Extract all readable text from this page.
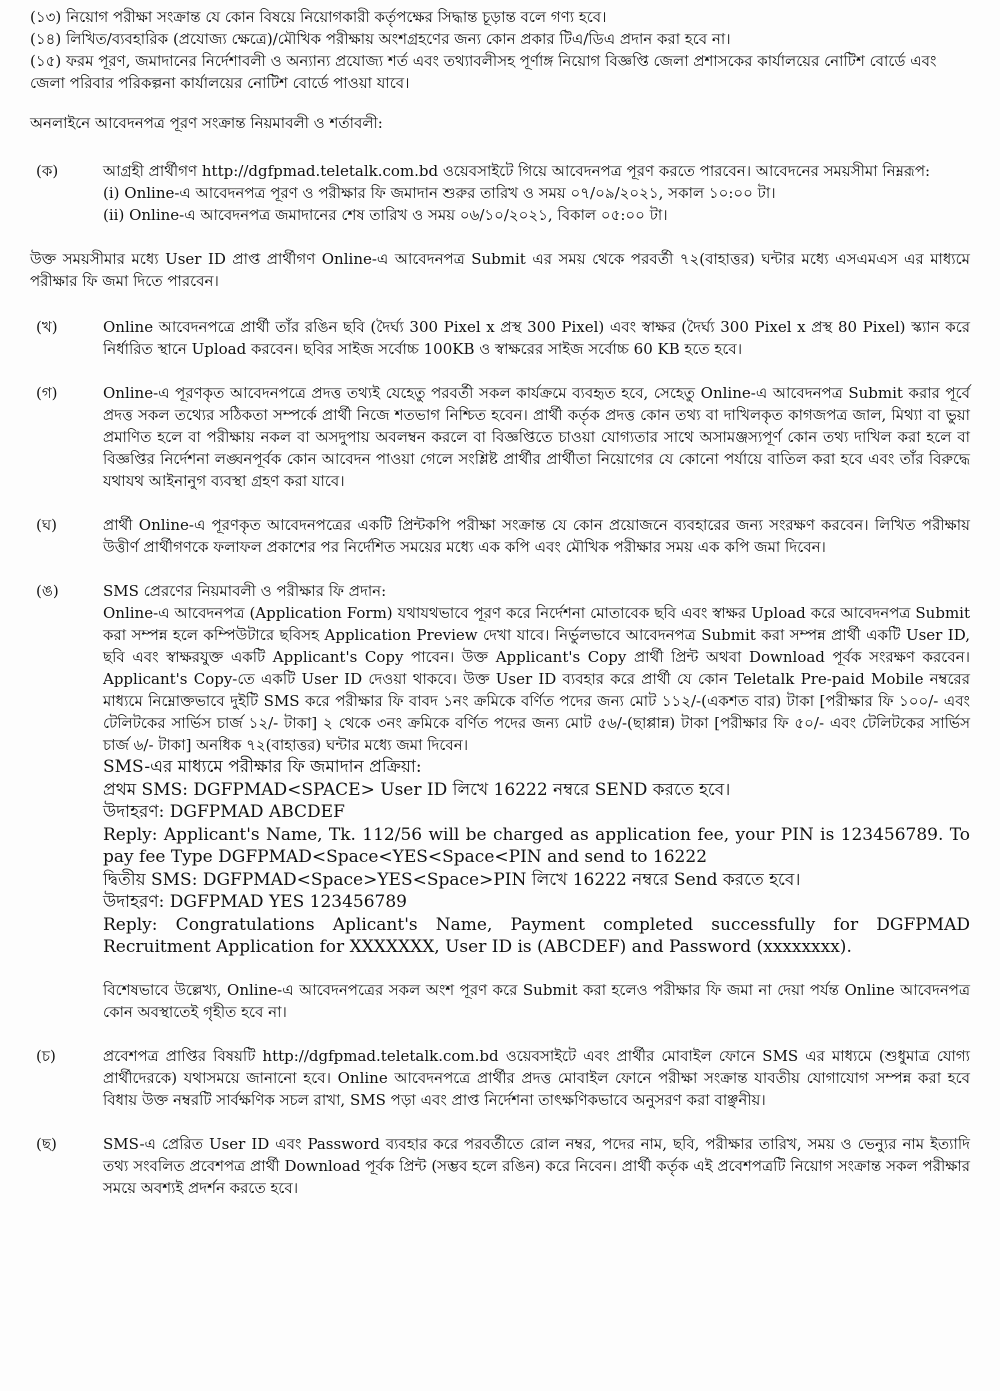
(১৩) নিয়োগ পরীক্ষা সংক্রান্ত যে কোন বিষয়ে নিয়োগকারী কর্তৃপক্ষের সিদ্ধান্ত চূড়ান্ত বলে গণ্য হবে।

(১৪) লিখিত/ব্যবহারিক (প্রযোজ্য ক্ষেত্রে)/মৌখিক পরীক্ষায় অংশগ্রহণের জন্য কোন প্রকার টিএ/ডিএ প্রদান করা হবে না।

(১৫) ফরম পূরণ, জমাদানের নির্দেশাবলী ও অন্যান্য প্রযোজ্য শর্ত এবং তথ্যাবলীসহ পূর্ণাঙ্গ নিয়োগ বিজ্ঞপ্তি জেলা প্রশাসকের কার্যালয়ের নোটিশ বোর্ডে এবং জেলা পরিবার পরিকল্পনা কার্যালয়ের নোটিশ বোর্ডে পাওয়া যাবে।

অনলাইনে আবেদনপত্র পূরণ সংক্রান্ত নিয়মাবলী ও শর্তাবলী:

(ক)	আগ্রহী প্রার্থীগণ http://dgfpmad.teletalk.com.bd ওয়েবসাইটে গিয়ে আবেদনপত্র পূরণ করতে পারবেন। আবেদনের সময়সীমা নিম্নরূপ:

(i) Online-এ আবেদনপত্র পূরণ ও পরীক্ষার ফি জমাদান শুরুর তারিখ ও সময় ০৭/০৯/২০২১, সকাল ১০:০০ টা।

(ii) Online-এ আবেদনপত্র জমাদানের শেষ তারিখ ও সময় ০৬/১০/২০২১, বিকাল ০৫:০০ টা।

উক্ত সময়সীমার মধ্যে User ID প্রাপ্ত প্রার্থীগণ Online-এ আবেদনপত্র Submit এর সময় থেকে পরবর্তী ৭২(বাহাত্তর) ঘন্টার মধ্যে এসএমএস এর মাধ্যমে পরীক্ষার ফি জমা দিতে পারবেন।

(খ)	Online আবেদনপত্রে প্রার্থী তাঁর রঙিন ছবি (দৈর্ঘ্য 300 Pixel x প্রস্থ 300 Pixel) এবং স্বাক্ষর (দৈর্ঘ্য 300 Pixel x প্রস্থ 80 Pixel) স্ক্যান করে নির্ধারিত স্থানে Upload করবেন। ছবির সাইজ সর্বোচ্চ 100KB ও স্বাক্ষরের সাইজ সর্বোচ্চ 60 KB হতে হবে।

(গ)	Online-এ পূরণকৃত আবেদনপত্রে প্রদত্ত তথ্যই যেহেতু পরবর্তী সকল কার্যক্রমে ব্যবহৃত হবে, সেহেতু Online-এ আবেদনপত্র Submit করার পূর্বে প্রদত্ত সকল তথ্যের সঠিকতা সম্পর্কে প্রার্থী নিজে শতভাগ নিশ্চিত হবেন। প্রার্থী কর্তৃক প্রদত্ত কোন তথ্য বা দাখিলকৃত কাগজপত্র জাল, মিথ্যা বা ভুয়া প্রমাণিত হলে বা পরীক্ষায় নকল বা অসদুপায় অবলম্বন করলে বা বিজ্ঞপ্তিতে চাওয়া যোগ্যতার সাথে অসামঞ্জস্যপূর্ণ কোন তথ্য দাখিল করা হলে বা বিজ্ঞপ্তির নির্দেশনা লঙ্ঘনপূর্বক কোন আবেদন পাওয়া গেলে সংশ্লিষ্ট প্রার্থীর প্রার্থীতা নিয়োগের যে কোনো পর্যায়ে বাতিল করা হবে এবং তাঁর বিরুদ্ধে যথাযথ আইনানুগ ব্যবস্থা গ্রহণ করা যাবে।

(ঘ)	প্রার্থী Online-এ পূরণকৃত আবেদনপত্রের একটি প্রিন্টকপি পরীক্ষা সংক্রান্ত যে কোন প্রয়োজনে ব্যবহারের জন্য সংরক্ষণ করবেন। লিখিত পরীক্ষায় উত্তীর্ণ প্রার্থীগণকে ফলাফল প্রকাশের পর নির্দেশিত সময়ের মধ্যে এক কপি এবং মৌখিক পরীক্ষার সময় এক কপি জমা দিবেন।

(ঙ)	SMS প্রেরণের নিয়মাবলী ও পরীক্ষার ফি প্রদান:

Online-এ আবেদনপত্র (Application Form) যথাযথভাবে পূরণ করে নির্দেশনা মোতাবেক ছবি এবং স্বাক্ষর Upload করে আবেদনপত্র Submit করা সম্পন্ন হলে কম্পিউটারে ছবিসহ Application Preview দেখা যাবে। নির্ভুলভাবে আবেদনপত্র Submit করা সম্পন্ন প্রার্থী একটি User ID, ছবি এবং স্বাক্ষরযুক্ত একটি Applicant's Copy পাবেন। উক্ত Applicant's Copy প্রার্থী প্রিন্ট অথবা Download পূর্বক সংরক্ষণ করবেন। Applicant's Copy-তে একটি User ID দেওয়া থাকবে। উক্ত User ID ব্যবহার করে প্রার্থী যে কোন Teletalk Pre-paid Mobile নম্বরের মাধ্যমে নিম্নোক্তভাবে দুইটি SMS করে পরীক্ষার ফি বাবদ ১নং ক্রমিকে বর্ণিত পদের জন্য মোট ১১২/-(একশত বার) টাকা [পরীক্ষার ফি ১০০/- এবং টেলিটকের সার্ভিস চার্জ ১২/- টাকা] ২ থেকে ৩নং ক্রমিকে বর্ণিত পদের জন্য মোট ৫৬/-(ছাপ্পান্ন) টাকা [পরীক্ষার ফি ৫০/- এবং টেলিটকের সার্ভিস চার্জ ৬/- টাকা] অনধিক ৭২(বাহাত্তর) ঘন্টার মধ্যে জমা দিবেন।

SMS-এর মাধ্যমে পরীক্ষার ফি জমাদান প্রক্রিয়া:

প্রথম SMS: DGFPMAD<SPACE> User ID লিখে 16222 নম্বরে SEND করতে হবে।

উদাহরণ: DGFPMAD ABCDEF

Reply: Applicant's Name, Tk. 112/56 will be charged as application fee, your PIN is 123456789. To pay fee Type DGFPMAD<Space<YES<Space<PIN and send to 16222

দ্বিতীয় SMS: DGFPMAD<Space>YES<Space>PIN লিখে 16222 নম্বরে Send করতে হবে।

উদাহরণ: DGFPMAD YES 123456789

Reply: Congratulations Aplicant's Name, Payment completed successfully for DGFPMAD Recruitment Application for XXXXXXX, User ID is (ABCDEF) and Password (xxxxxxxx).

বিশেষভাবে উল্লেখ্য, Online-এ আবেদনপত্রের সকল অংশ পূরণ করে Submit করা হলেও পরীক্ষার ফি জমা না দেয়া পর্যন্ত Online আবেদনপত্র কোন অবস্থাতেই গৃহীত হবে না।

(চ)	প্রবেশপত্র প্রাপ্তির বিষয়টি http://dgfpmad.teletalk.com.bd ওয়েবসাইটে এবং প্রার্থীর মোবাইল ফোনে SMS এর মাধ্যমে (শুধুমাত্র যোগ্য প্রার্থীদেরকে) যথাসময়ে জানানো হবে। Online আবেদনপত্রে প্রার্থীর প্রদত্ত মোবাইল ফোনে পরীক্ষা সংক্রান্ত যাবতীয় যোগাযোগ সম্পন্ন করা হবে বিধায় উক্ত নম্বরটি সার্বক্ষণিক সচল রাখা, SMS পড়া এবং প্রাপ্ত নির্দেশনা তাৎক্ষণিকভাবে অনুসরণ করা বাঞ্ছনীয়।

(ছ)	SMS-এ প্রেরিত User ID এবং Password ব্যবহার করে পরবর্তীতে রোল নম্বর, পদের নাম, ছবি, পরীক্ষার তারিখ, সময় ও ভেন্যুর নাম ইত্যাদি তথ্য সংবলিত প্রবেশপত্র প্রার্থী Download পূর্বক প্রিন্ট (সম্ভব হলে রঙিন) করে নিবেন। প্রার্থী কর্তৃক এই প্রবেশপত্রটি নিয়োগ সংক্রান্ত সকল পরীক্ষার সময়ে অবশ্যই প্রদর্শন করতে হবে।
